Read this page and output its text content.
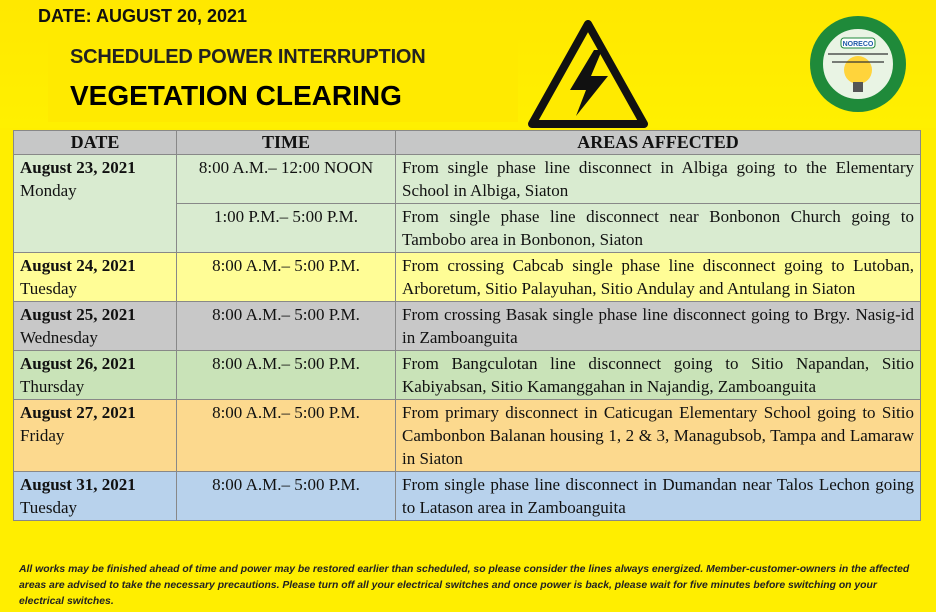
DATE: AUGUST 20, 2021
SCHEDULED POWER INTERRUPTION
VEGETATION CLEARING
NORECO
DATE	TIME	AREAS AFFECTED

August 23, 2021
Monday	8:00 A.M.– 12:00 NOON	From single phase line disconnect in Albiga going to the Elementary School in Albiga, Siaton
	1:00 P.M.– 5:00 P.M.	From single phase line disconnect near Bonbonon Church going to Tambobo area in Bonbonon, Siaton

August 24, 2021
Tuesday	8:00 A.M.– 5:00 P.M.	From crossing Cabcab single phase line disconnect going to Lutoban, Arboretum, Sitio Palayuhan, Sitio Andulay and Antulang in Siaton

August 25, 2021
Wednesday	8:00 A.M.– 5:00 P.M.	From crossing Basak single phase line disconnect going to Brgy. Nasig-id in Zamboanguita

August 26, 2021
Thursday	8:00 A.M.– 5:00 P.M.	From Bangculotan line disconnect going to Sitio Napandan, Sitio Kabiyabsan, Sitio Kamanggahan in Najandig, Zamboanguita

August 27, 2021
Friday	8:00 A.M.– 5:00 P.M.	From primary disconnect in Caticugan Elementary School going to Sitio Cambonbon Balanan housing 1, 2 & 3, Managubsob, Tampa and Lamaraw in Siaton

August 31, 2021
Tuesday	8:00 A.M.– 5:00 P.M.	From single phase line disconnect in Dumandan near Talos Lechon going to Latason area in Zamboanguita
All works may be finished ahead of time and power may be restored earlier than scheduled, so please consider the lines always energized. Member-customer-owners in the affected areas are advised to take the necessary precautions. Please turn off all your electrical switches and once power is back, please wait for five minutes before switching on your electrical switches.
